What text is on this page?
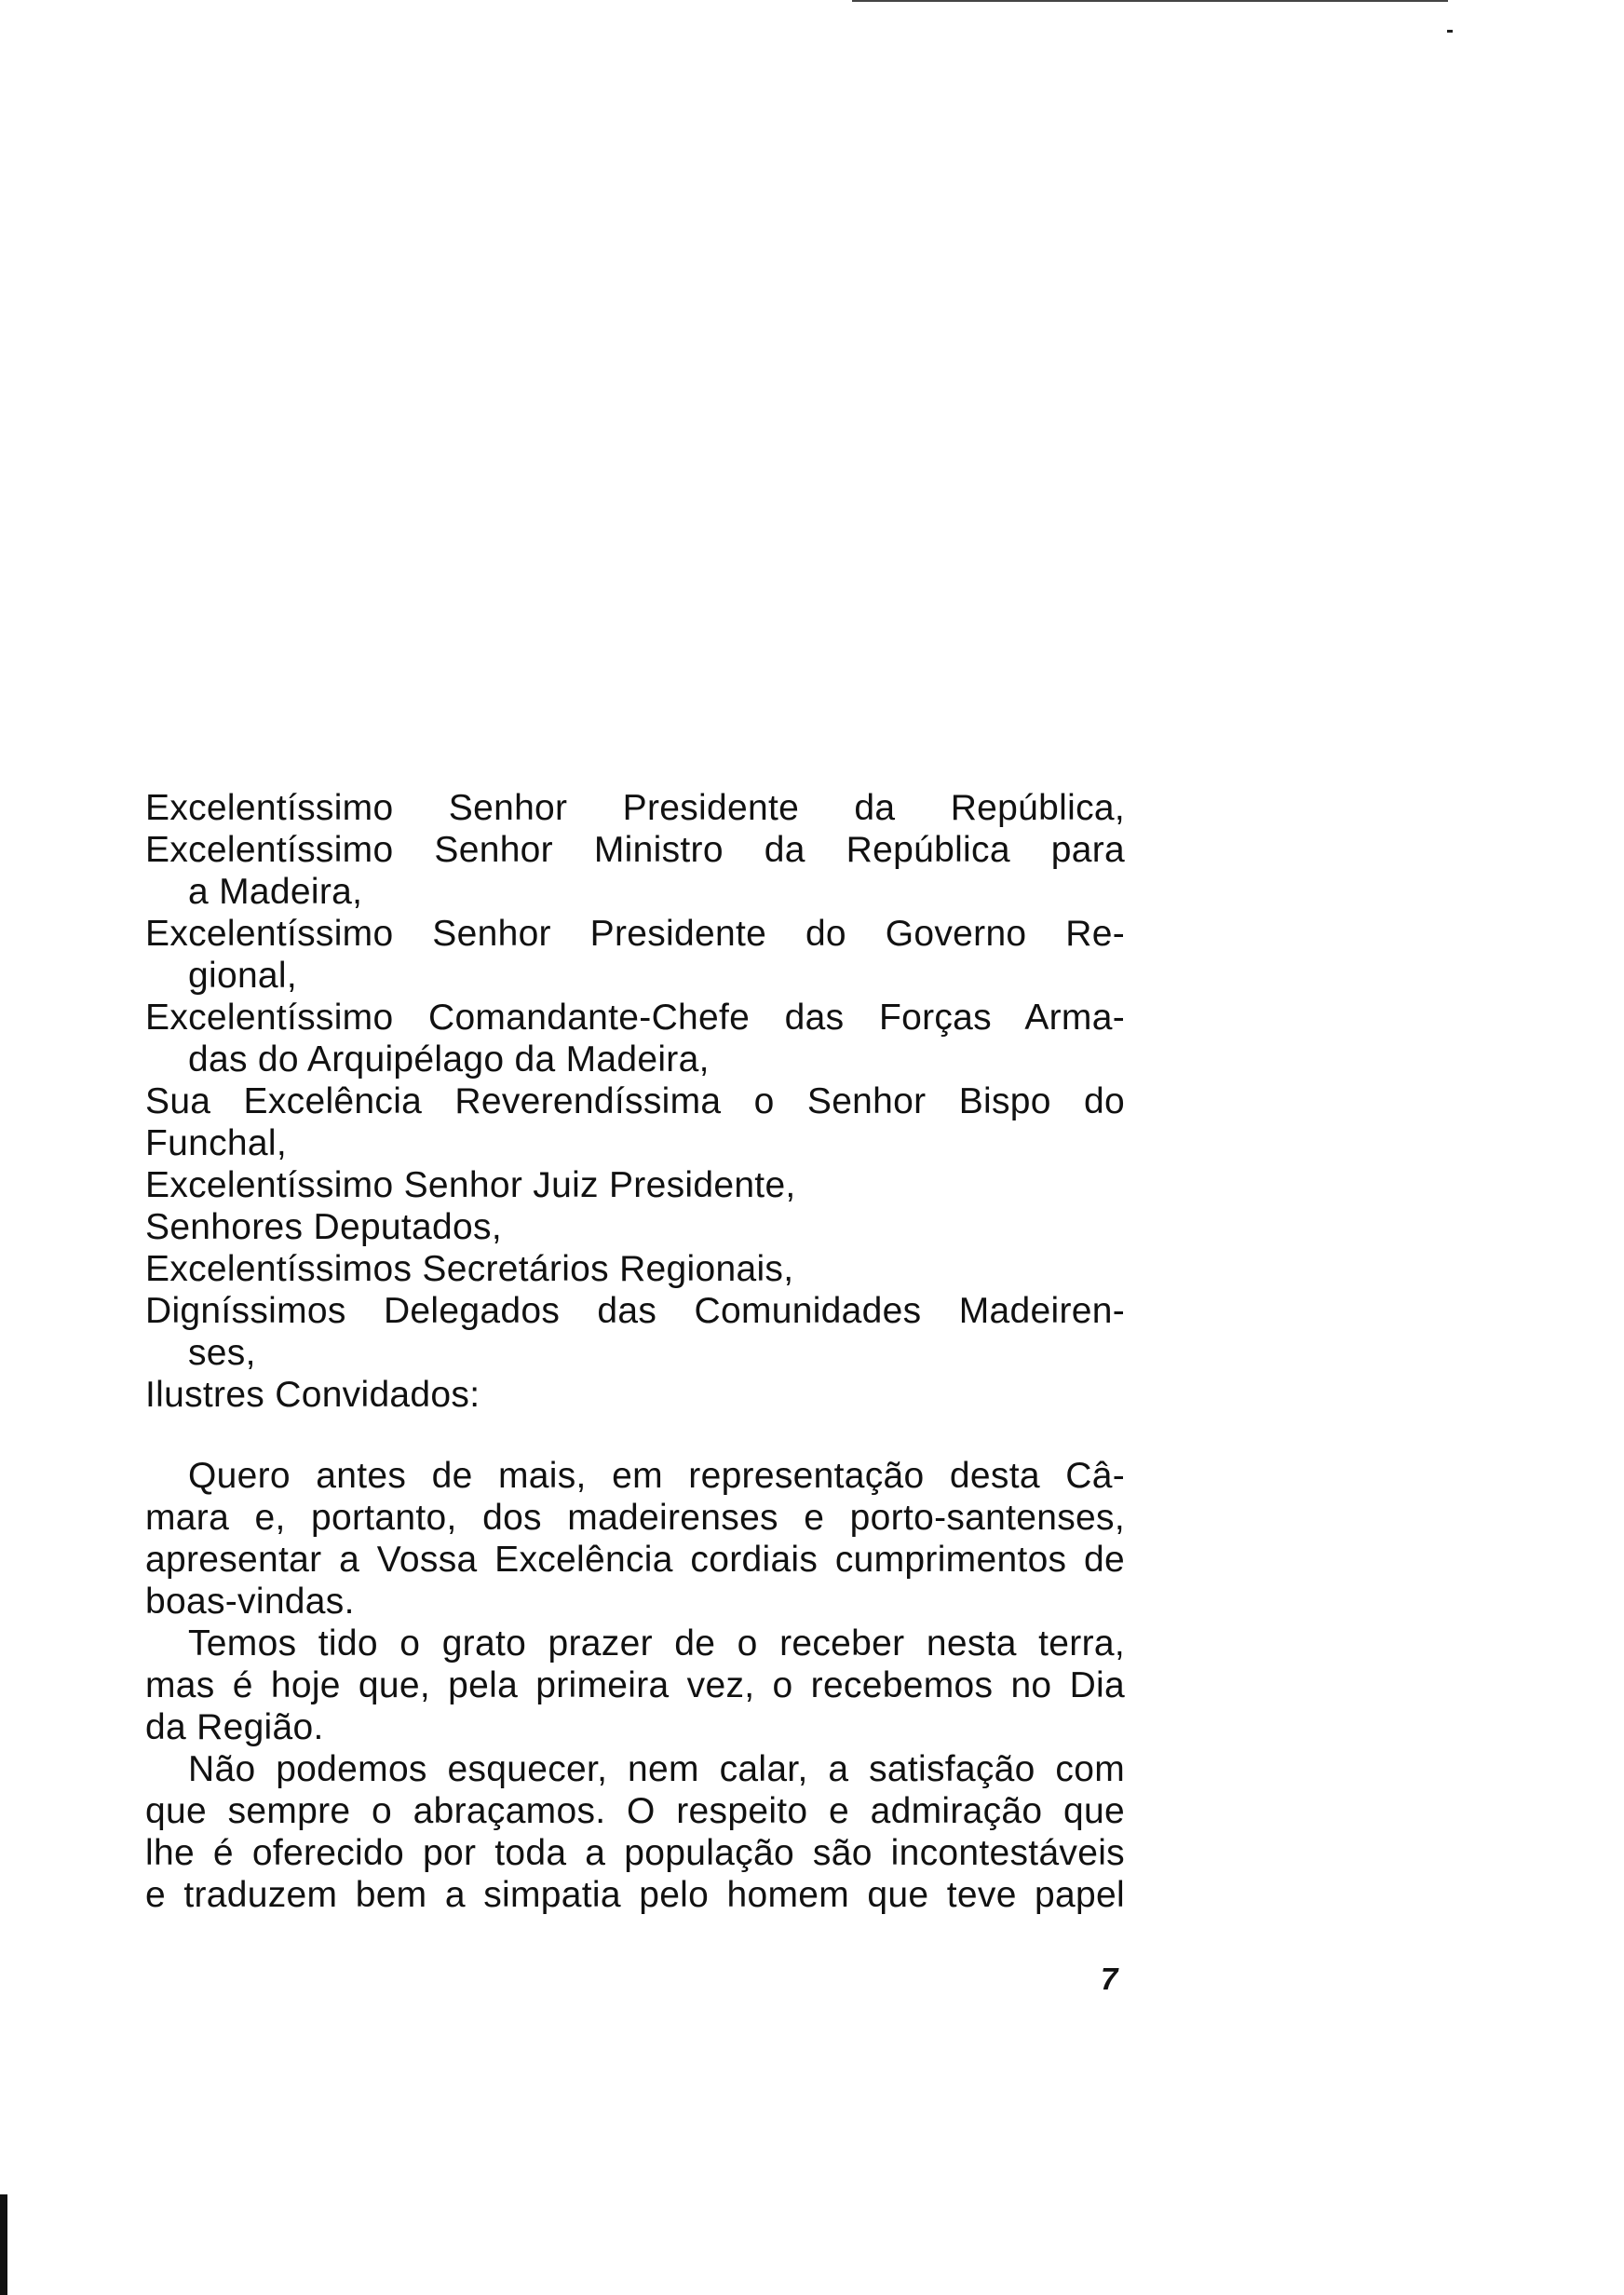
Excelentíssimo Senhor Presidente da República,
Excelentíssimo Senhor Ministro da República para
a Madeira,
Excelentíssimo Senhor Presidente do Governo Re-
gional,
Excelentíssimo Comandante-Chefe das Forças Arma-
das do Arquipélago da Madeira,
Sua Excelência Reverendíssima o Senhor Bispo do
Funchal,
Excelentíssimo Senhor Juiz Presidente,
Senhores Deputados,
Excelentíssimos Secretários Regionais,
Digníssimos Delegados das Comunidades Madeiren-
ses,
Ilustres Convidados:
Quero antes de mais, em representação desta Câ-
mara e, portanto, dos madeirenses e porto-santenses,
apresentar a Vossa Excelência cordiais cumprimentos de
boas-vindas.
Temos tido o grato prazer de o receber nesta terra,
mas é hoje que, pela primeira vez, o recebemos no Dia
da Região.
Não podemos esquecer, nem calar, a satisfação com
que sempre o abraçamos. O respeito e admiração que
lhe é oferecido por toda a população são incontestáveis
e traduzem bem a simpatia pelo homem que teve papel
7
